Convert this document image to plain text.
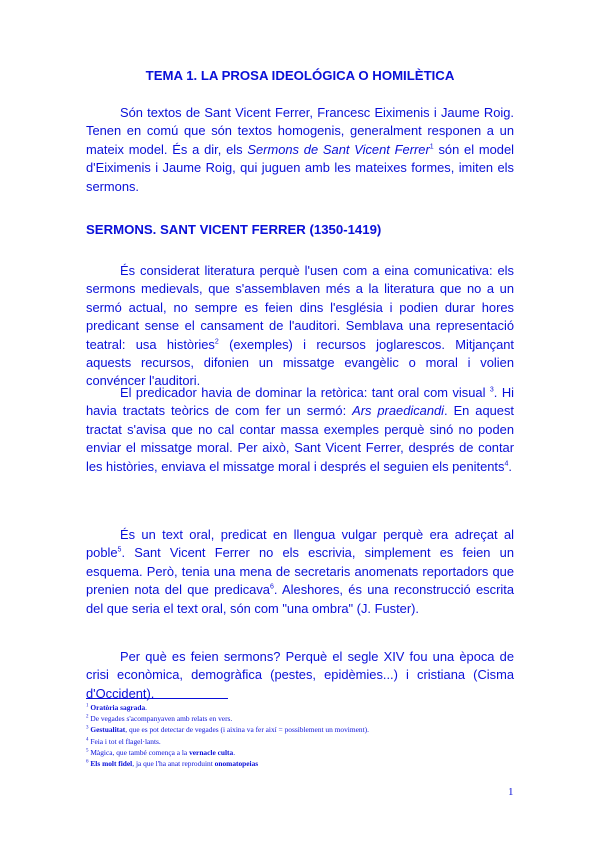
TEMA 1. LA PROSA IDEOLÓGICA O HOMILÈTICA

Són textos de Sant Vicent Ferrer, Francesc Eiximenis i Jaume Roig. Tenen en comú que són textos homogenis, generalment responen a un mateix model. És a dir, els Sermons de Sant Vicent Ferrer$^1$ són el model d'Eiximenis i Jaume Roig, qui juguen amb les mateixes formes, imiten els sermons.

SERMONS. SANT VICENT FERRER (1350-1419)

És considerat literatura perquè l'usen com a eina comunicativa: els sermons medievals, que s'assemblaven més a la literatura que no a un sermó actual, no sempre es feien dins l'església i podien durar hores predicant sense el cansament de l'auditori. Semblava una representació teatral: usa històries$^2$ (exemples) i recursos joglarescos. Mitjançant aquests recursos, difonien un missatge evangèlic o moral i volien convéncer l'auditori.

El predicador havia de dominar la retòrica: tant oral com visual $^3$. Hi havia tractats teòrics de com fer un sermó: Ars praedicandi. En aquest tractat s'avisa que no cal contar massa exemples perquè sinó no poden enviar el missatge moral. Per això, Sant Vicent Ferrer, després de contar les històries, enviava el missatge moral i després el seguien els penitents$^4$.

És un text oral, predicat en llengua vulgar perquè era adreçat al poble$^5$. Sant Vicent Ferrer no els escrivia, simplement es feien un esquema. Però, tenia una mena de secretaris anomenats reportadors que prenien nota del que predicava$^6$. Aleshores, és una reconstrucció escrita del que seria el text oral, són com "una ombra" (J. Fuster).

Per què es feien sermons? Perquè el segle XIV fou una època de crisi econòmica, demogràfica (pestes, epidèmies...) i cristiana (Cisma d'Occident).

$^1$ Oratòria sagrada.
$^2$ De vegades s'acompanyaven amb relats en vers.
$^3$ Gestualitat, que es pot detectar de vegades (i aixina va fer així = possiblement un moviment).
$^4$ Feia i tot el flagel·lants.
$^5$ Màgica, que també comença a la vernacle culta.
$^6$ Els molt fidel, ja que l'ha anat reproduint onomatopeias
1
